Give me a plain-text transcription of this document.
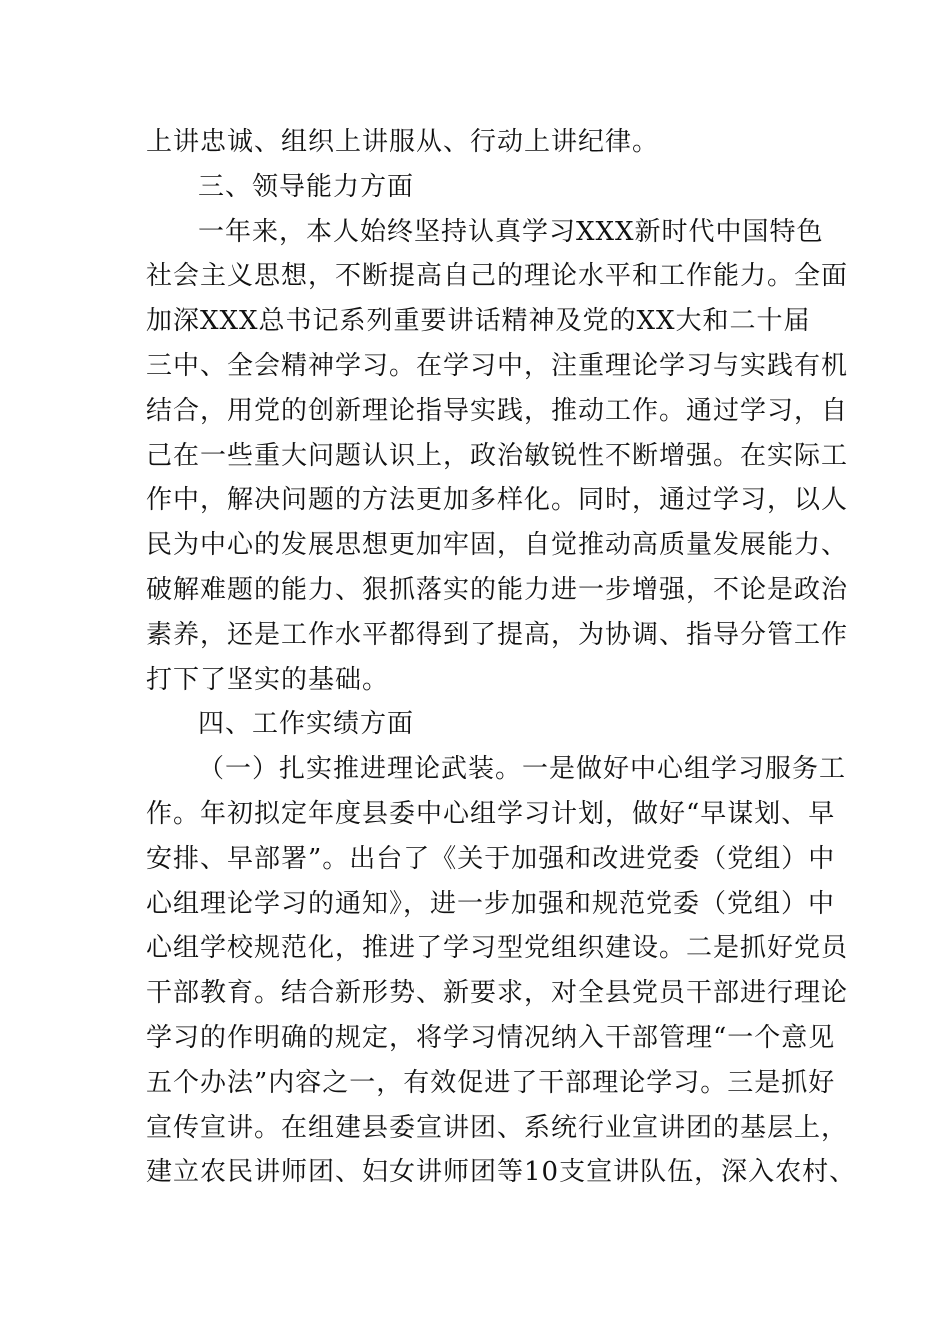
上讲忠诚、组织上讲服从、行动上讲纪律。
三、领导能力方面
一年来，本人始终坚持认真学习XXX新时代中国特色
社会主义思想，不断提高自己的理论水平和工作能力。全面
加深XXX总书记系列重要讲话精神及党的XX大和二十届
三中、全会精神学习。在学习中，注重理论学习与实践有机
结合，用党的创新理论指导实践，推动工作。通过学习，自
己在一些重大问题认识上，政治敏锐性不断增强。在实际工
作中，解决问题的方法更加多样化。同时，通过学习，以人
民为中心的发展思想更加牢固，自觉推动高质量发展能力、
破解难题的能力、狠抓落实的能力进一步增强，不论是政治
素养，还是工作水平都得到了提高，为协调、指导分管工作
打下了坚实的基础。
四、工作实绩方面
（一）扎实推进理论武装。一是做好中心组学习服务工
作。年初拟定年度县委中心组学习计划，做好“早谋划、早
安排、早部署”。出台了《关于加强和改进党委（党组）中
心组理论学习的通知》，进一步加强和规范党委（党组）中
心组学校规范化，推进了学习型党组织建设。二是抓好党员
干部教育。结合新形势、新要求，对全县党员干部进行理论
学习的作明确的规定，将学习情况纳入干部管理“一个意见
五个办法”内容之一，有效促进了干部理论学习。三是抓好
宣传宣讲。在组建县委宣讲团、系统行业宣讲团的基层上，
建立农民讲师团、妇女讲师团等10支宣讲队伍，深入农村、
